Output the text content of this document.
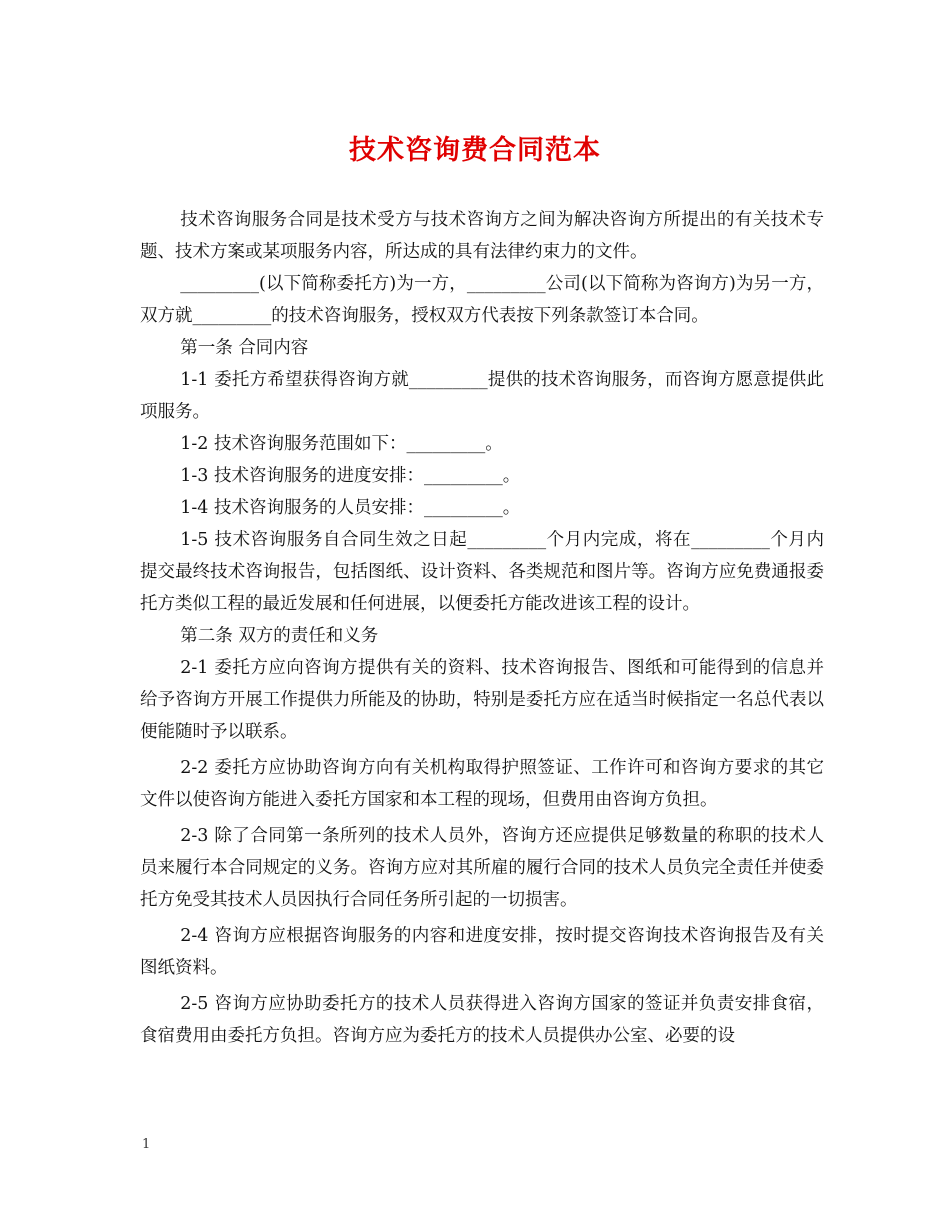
技术咨询费合同范本

技术咨询服务合同是技术受方与技术咨询方之间为解决咨询方所提出的有关技术专题、技术方案或某项服务内容，所达成的具有法律约束力的文件。

_________(以下简称委托方)为一方，_________公司(以下简称为咨询方)为另一方，双方就_________的技术咨询服务，授权双方代表按下列条款签订本合同。

第一条 合同内容

1-1 委托方希望获得咨询方就_________提供的技术咨询服务，而咨询方愿意提供此项服务。

1-2 技术咨询服务范围如下：_________。

1-3 技术咨询服务的进度安排：_________。

1-4 技术咨询服务的人员安排：_________。

1-5 技术咨询服务自合同生效之日起_________个月内完成，将在_________个月内提交最终技术咨询报告，包括图纸、设计资料、各类规范和图片等。咨询方应免费通报委托方类似工程的最近发展和任何进展，以便委托方能改进该工程的设计。

第二条 双方的责任和义务

2-1 委托方应向咨询方提供有关的资料、技术咨询报告、图纸和可能得到的信息并给予咨询方开展工作提供力所能及的协助，特别是委托方应在适当时候指定一名总代表以便能随时予以联系。

2-2 委托方应协助咨询方向有关机构取得护照签证、工作许可和咨询方要求的其它文件以使咨询方能进入委托方国家和本工程的现场，但费用由咨询方负担。

2-3 除了合同第一条所列的技术人员外，咨询方还应提供足够数量的称职的技术人员来履行本合同规定的义务。咨询方应对其所雇的履行合同的技术人员负完全责任并使委托方免受其技术人员因执行合同任务所引起的一切损害。

2-4 咨询方应根据咨询服务的内容和进度安排，按时提交咨询技术咨询报告及有关图纸资料。

2-5 咨询方应协助委托方的技术人员获得进入咨询方国家的签证并负责安排食宿，食宿费用由委托方负担。咨询方应为委托方的技术人员提供办公室、必要的设

1
